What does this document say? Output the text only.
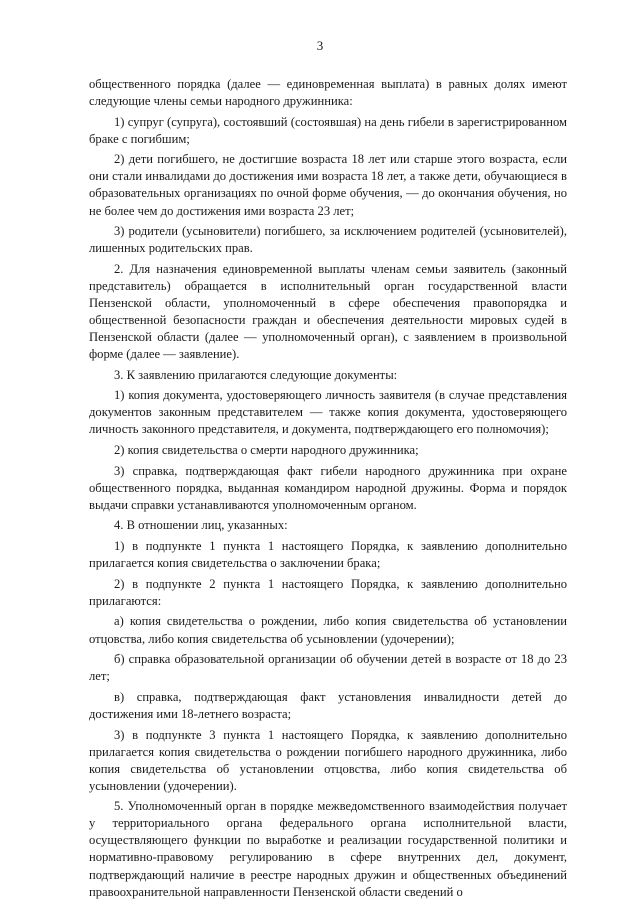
3

общественного порядка (далее — единовременная выплата) в равных долях имеют следующие члены семьи народного дружинника:

1) супруг (супруга), состоявший (состоявшая) на день гибели в зарегистрированном браке с погибшим;

2) дети погибшего, не достигшие возраста 18 лет или старше этого возраста, если они стали инвалидами до достижения ими возраста 18 лет, а также дети, обучающиеся в образовательных организациях по очной форме обучения, — до окончания обучения, но не более чем до достижения ими возраста 23 лет;

3) родители (усыновители) погибшего, за исключением родителей (усыновителей), лишенных родительских прав.

2. Для назначения единовременной выплаты членам семьи заявитель (законный представитель) обращается в исполнительный орган государственной власти Пензенской области, уполномоченный в сфере обеспечения правопорядка и общественной безопасности граждан и обеспечения деятельности мировых судей в Пензенской области (далее — уполномоченный орган), с заявлением в произвольной форме (далее — заявление).

3. К заявлению прилагаются следующие документы:

1) копия документа, удостоверяющего личность заявителя (в случае представления документов законным представителем — также копия документа, удостоверяющего личность законного представителя, и документа, подтверждающего его полномочия);

2) копия свидетельства о смерти народного дружинника;

3) справка, подтверждающая факт гибели народного дружинника при охране общественного порядка, выданная командиром народной дружины. Форма и порядок выдачи справки устанавливаются уполномоченным органом.

4. В отношении лиц, указанных:

1) в подпункте 1 пункта 1 настоящего Порядка, к заявлению дополнительно прилагается копия свидетельства о заключении брака;

2) в подпункте 2 пункта 1 настоящего Порядка, к заявлению дополнительно прилагаются:

а) копия свидетельства о рождении, либо копия свидетельства об установлении отцовства, либо копия свидетельства об усыновлении (удочерении);

б) справка образовательной организации об обучении детей в возрасте от 18 до 23 лет;

в) справка, подтверждающая факт установления инвалидности детей до достижения ими 18-летнего возраста;

3) в подпункте 3 пункта 1 настоящего Порядка, к заявлению дополнительно прилагается копия свидетельства о рождении погибшего народного дружинника, либо копия свидетельства об установлении отцовства, либо копия свидетельства об усыновлении (удочерении).

5. Уполномоченный орган в порядке межведомственного взаимодействия получает у территориального органа федерального органа исполнительной власти, осуществляющего функции по выработке и реализации государственной политики и нормативно-правовому регулированию в сфере внутренних дел, документ, подтверждающий наличие в реестре народных дружин и общественных объединений правоохранительной направленности Пензенской области сведений о
